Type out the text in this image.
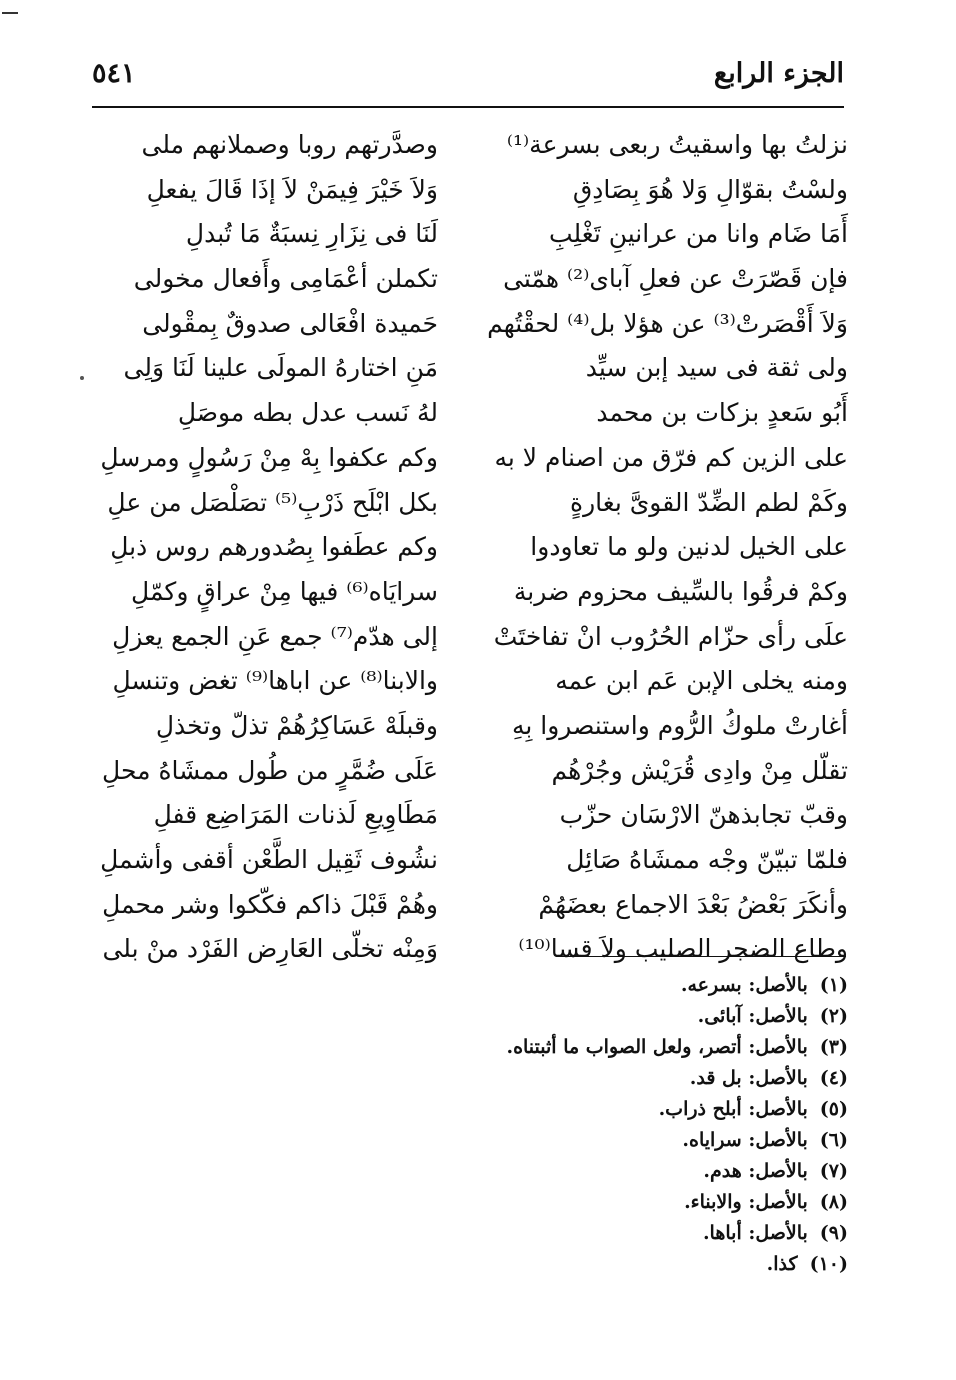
الجزء الرابع
٥٤١
نزلتُ بها واسقيتُ ربعى بسرعة⁽¹⁾
ولسْتُ بقوّالِ وَلا هُوَ بِصَادِقِ
أَمَا ضَام وانا من عرانينِ تَغْلِبِ
فإن قَصّرَتْ عن فعلِ آباى⁽²⁾ همّتى
وَلاَ أَقْصَرتْ⁽³⁾ عن هؤلا بل⁽⁴⁾ لحقْتُهم
ولى ثقة فى سيد إبن سيِّد
أَبُو سَعدٍ بزكات بن محمد
على الزين كم فرّق من اصنام لا به
وكَمْ لطم الضِّدّ القوىَّ بغارةٍ
على الخيل لدنين ولو ما تعاودوا
وكمْ فرقُوا بالسِّيف محزوم ضربة
علَى رأى حزّام الحُرُوب انْ تفاختَتْ
ومنه يخلى الإبن عَم ابن عمه
أغارتْ ملوكُ الرُّوم واستنصروا بِهِ
تقلّل مِنْ وادِى قُرَيْش وجُرْهُم
وقبّ تجابذهنّ الارْسَان حزّب
فلمّا تبيّنّ وجْه ممشَاهُ صَائِل
وأنكَرَ بَعْضُ بَعْدَ الاجماع بعضَهُمْ
وطاع الضجر الصليب ولاَ قسا⁽¹⁰⁾
وصدَّرتهم روبا وصملانهم ملى
وَلاَ خَيْرَ فِيمَنْ لاَ إذَا قَالَ يفعلِ
لَنَا فى نِزَارِ نِسبَةٌ مَا تُبدلِ
تكملن أعْمَامِى وأَفعال مخولى
حَميدة افْعَالى صدوقٌ بِمقْولى
مَنِ اختارهُ المولَى علينا لَنَا وَلِى
لهُ نَسب عدل بطه موصَلِ
وكم عكفوا بِهْ مِنْ رَسُولٍ ومرسلِ
بكل ابْلَح ذَرْبِ⁽⁵⁾ تصَلْصَل من علِ
وكم عطَفوا بِصُدورهم روس ذبلِ
سرايَاه⁽⁶⁾ فيها مِنْ عراقٍ وكمّلِ
إلى هدّم⁽⁷⁾ جمع عَنِ الجمع يعزلِ
والابنا⁽⁸⁾ عن اباها⁽⁹⁾ تغض وتنسلِ
وقبلَهْ عَسَاكِرُهُمْ تذلّ وتخذلِ
عَلَى ضُمَّرٍ من طُول ممشَاهُ محلِ
مَطَاوِيعِ لَذنات المَرَاضِع قفلِ
نشُوف ثَقِيل الطَّعْن أقفى وأشملِ
وهُمْ قَبْلَ ذاكم فكّكوا وشر محملِ
وَمِنْه تخلّى العَارِض الفَرْد منْ بلى
(١)بالأصل: بسرعه.
(٢)بالأصل: آبائى.
(٣)بالأصل: أتصر، ولعل الصواب ما أثبتناه.
(٤)بالأصل: بل قد.
(٥)بالأصل: أبلح ذراب.
(٦)بالأصل: سراياه.
(٧)بالأصل: هدم.
(٨)بالأصل: والابناء.
(٩)بالأصل: أباها.
(١٠)كذا.
